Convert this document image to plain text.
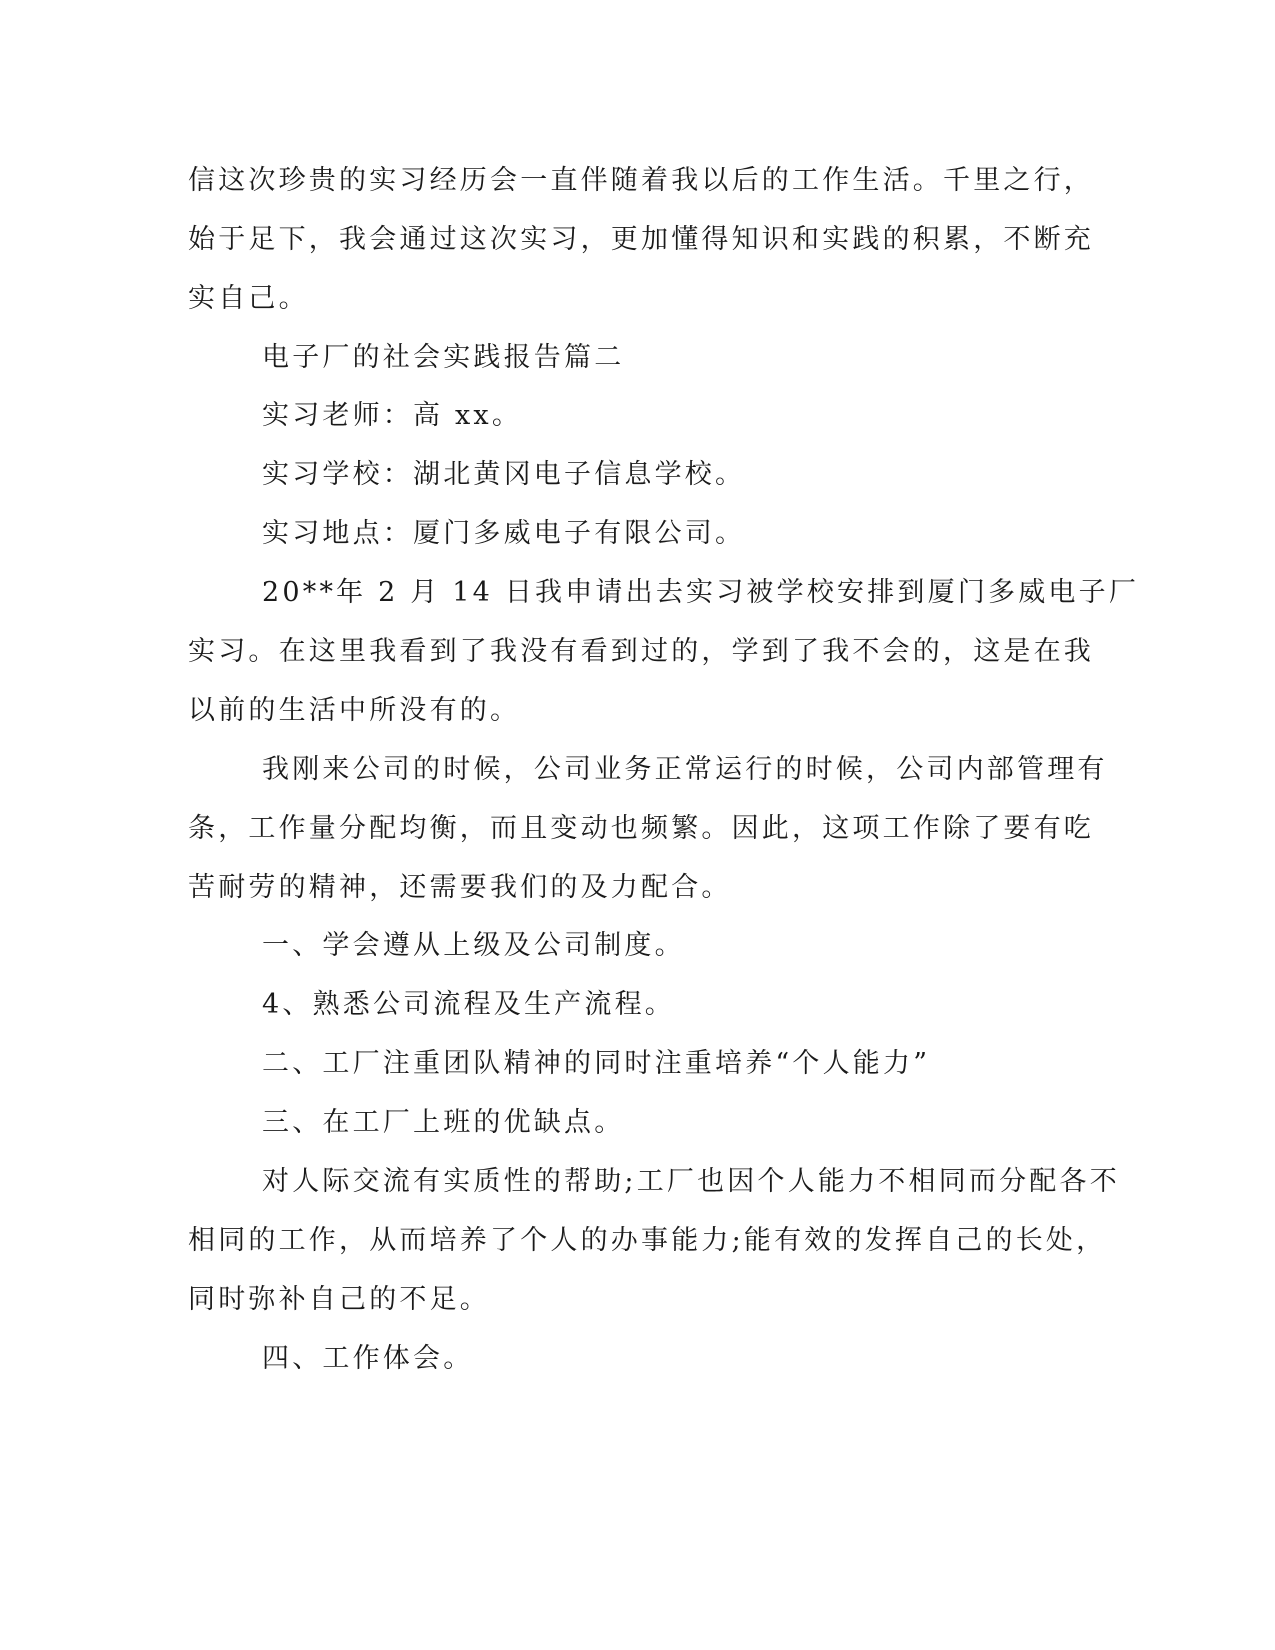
信这次珍贵的实习经历会一直伴随着我以后的工作生活。千里之行，
始于足下，我会通过这次实习，更加懂得知识和实践的积累，不断充
实自己。
电子厂的社会实践报告篇二
实习老师：高 xx。
实习学校：湖北黄冈电子信息学校。
实习地点：厦门多威电子有限公司。
20**年 2 月 14 日我申请出去实习被学校安排到厦门多威电子厂
实习。在这里我看到了我没有看到过的，学到了我不会的，这是在我
以前的生活中所没有的。
我刚来公司的时候，公司业务正常运行的时候，公司内部管理有
条，工作量分配均衡，而且变动也频繁。因此，这项工作除了要有吃
苦耐劳的精神，还需要我们的及力配合。
一、学会遵从上级及公司制度。
4、熟悉公司流程及生产流程。
二、工厂注重团队精神的同时注重培养“个人能力”
三、在工厂上班的优缺点。
对人际交流有实质性的帮助;工厂也因个人能力不相同而分配各不
相同的工作，从而培养了个人的办事能力;能有效的发挥自己的长处，
同时弥补自己的不足。
四、工作体会。
